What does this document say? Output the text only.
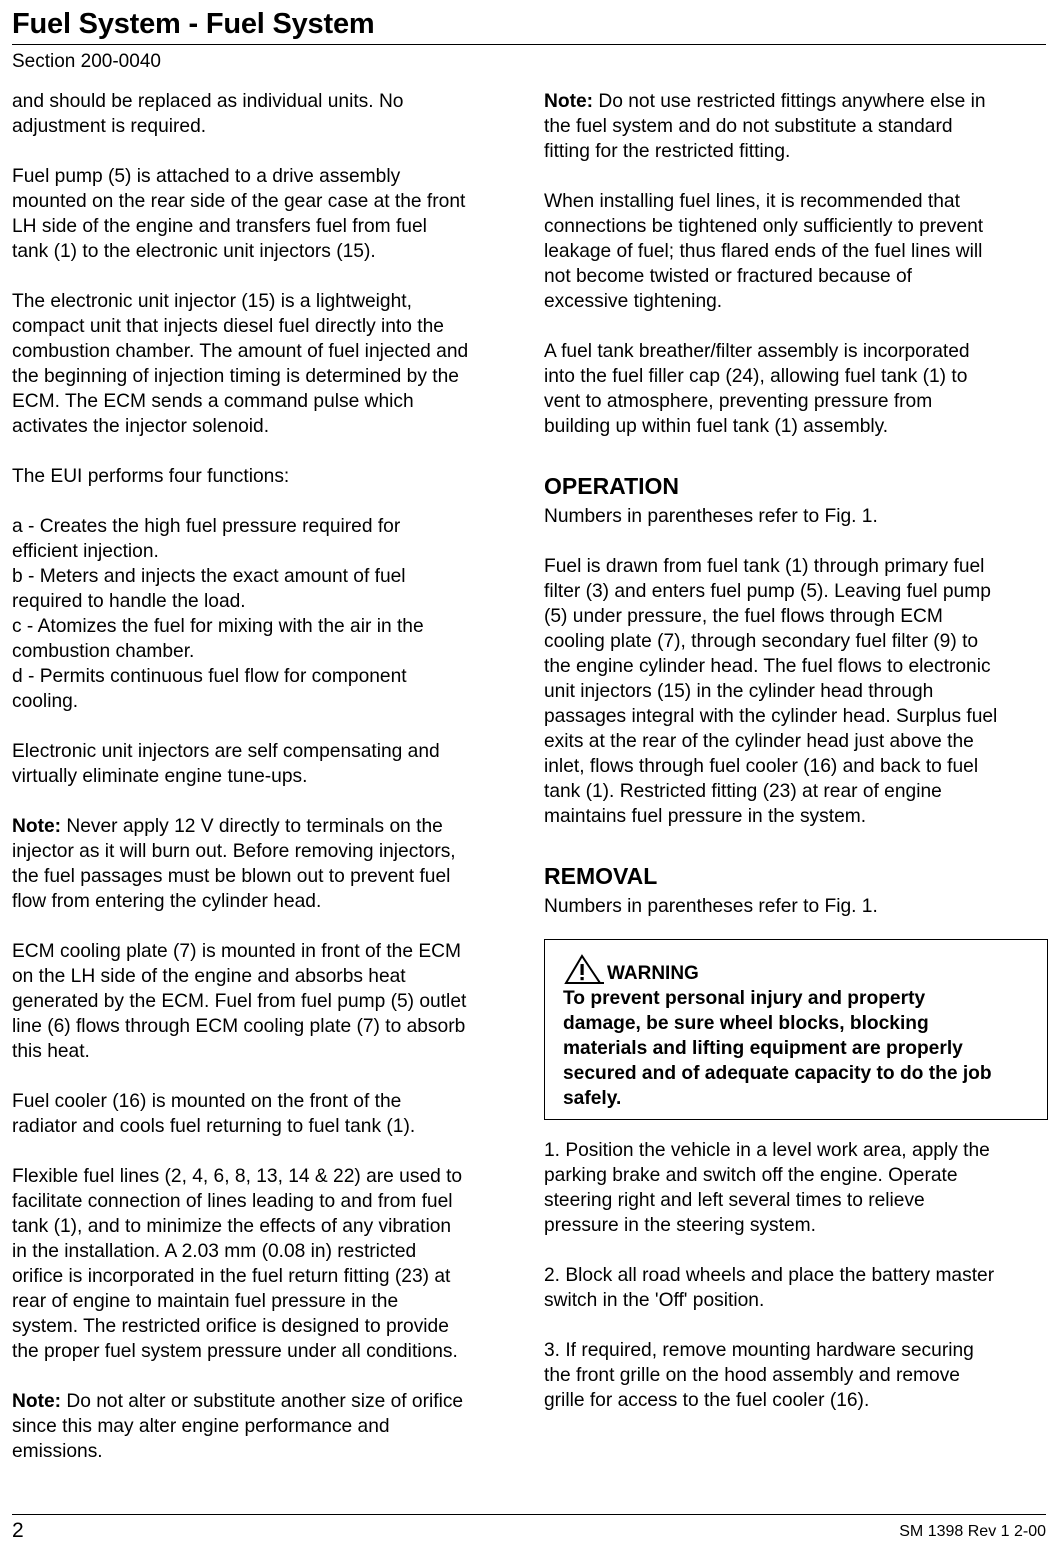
Fuel System - Fuel System
Section 200-0040

and should be replaced as individual units. No
adjustment is required.

Fuel pump (5) is attached to a drive assembly
mounted on the rear side of the gear case at the front
LH side of the engine and transfers fuel from fuel
tank (1) to the electronic unit injectors (15).

The electronic unit injector (15) is a lightweight,
compact unit that injects diesel fuel directly into the
combustion chamber. The amount of fuel injected and
the beginning of injection timing is determined by the
ECM. The ECM sends a command pulse which
activates the injector solenoid.

The EUI performs four functions:

a - Creates the high fuel pressure required for
efficient injection.
b - Meters and injects the exact amount of fuel
required to handle the load.
c - Atomizes the fuel for mixing with the air in the
combustion chamber.
d - Permits continuous fuel flow for component
cooling.

Electronic unit injectors are self compensating and
virtually eliminate engine tune-ups.

Note: Never apply 12 V directly to terminals on the
injector as it will burn out. Before removing injectors,
the fuel passages must be blown out to prevent fuel
flow from entering the cylinder head.

ECM cooling plate (7) is mounted in front of the ECM
on the LH side of the engine and absorbs heat
generated by the ECM. Fuel from fuel pump (5) outlet
line (6) flows through ECM cooling plate (7) to absorb
this heat.

Fuel cooler (16) is mounted on the front of the
radiator and cools fuel returning to fuel tank (1).

Flexible fuel lines (2, 4, 6, 8, 13, 14 & 22) are used to
facilitate connection of lines leading to and from fuel
tank (1), and to minimize the effects of any vibration
in the installation. A 2.03 mm (0.08 in) restricted
orifice is incorporated in the fuel return fitting (23) at
rear of engine to maintain fuel pressure in the
system. The restricted orifice is designed to provide
the proper fuel system pressure under all conditions.

Note: Do not alter or substitute another size of orifice
since this may alter engine performance and
emissions.

Note: Do not use restricted fittings anywhere else in
the fuel system and do not substitute a standard
fitting for the restricted fitting.

When installing fuel lines, it is recommended that
connections be tightened only sufficiently to prevent
leakage of fuel; thus flared ends of the fuel lines will
not become twisted or fractured because of
excessive tightening.

A fuel tank breather/filter assembly is incorporated
into the fuel filler cap (24), allowing fuel tank (1) to
vent to atmosphere, preventing pressure from
building up within fuel tank (1) assembly.

OPERATION

Numbers in parentheses refer to Fig. 1.

Fuel is drawn from fuel tank (1) through primary fuel
filter (3) and enters fuel pump (5). Leaving fuel pump
(5) under pressure, the fuel flows through ECM
cooling plate (7), through secondary fuel filter (9) to
the engine cylinder head. The fuel flows to electronic
unit injectors (15) in the cylinder head through
passages integral with the cylinder head. Surplus fuel
exits at the rear of the cylinder head just above the
inlet, flows through fuel cooler (16) and back to fuel
tank (1). Restricted fitting (23) at rear of engine
maintains fuel pressure in the system.

REMOVAL

Numbers in parentheses refer to Fig. 1.

WARNING
To prevent personal injury and property
damage, be sure wheel blocks, blocking
materials and lifting equipment are properly
secured and of adequate capacity to do the job
safely.

1. Position the vehicle in a level work area, apply the
parking brake and switch off the engine. Operate
steering right and left several times to relieve
pressure in the steering system.

2. Block all road wheels and place the battery master
switch in the 'Off' position.

3. If required, remove mounting hardware securing
the front grille on the hood assembly and remove
grille for access to the fuel cooler (16).

2	SM 1398 Rev 1 2-00
